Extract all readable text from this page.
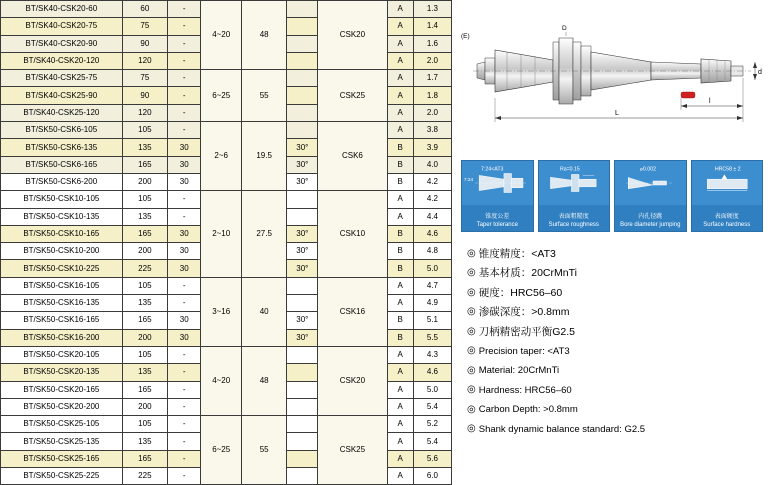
BT/SK40-CSK20-60	60	-	4~20	48		CSK20	A	1.3
BT/SK40-CSK20-75	75	-					A	1.4
BT/SK40-CSK20-90	90	-					A	1.6
BT/SK40-CSK20-120	120	-					A	2.0
BT/SK40-CSK25-75	75	-	6~25	55		CSK25	A	1.7
BT/SK40-CSK25-90	90	-					A	1.8
BT/SK40-CSK25-120	120	-					A	2.0
BT/SK50-CSK6-105	105	-	2~6	19.5		CSK6	A	3.8
BT/SK50-CSK6-135	135	30			30°		B	3.9
BT/SK50-CSK6-165	165	30			30°		B	4.0
BT/SK50-CSK6-200	200	30			30°		B	4.2
BT/SK50-CSK10-105	105	-	2~10	27.5		CSK10	A	4.2
BT/SK50-CSK10-135	135	-					A	4.4
BT/SK50-CSK10-165	165	30			30°		B	4.6
BT/SK50-CSK10-200	200	30			30°		B	4.8
BT/SK50-CSK10-225	225	30			30°		B	5.0
BT/SK50-CSK16-105	105	-	3~16	40		CSK16	A	4.7
BT/SK50-CSK16-135	135	-					A	4.9
BT/SK50-CSK16-165	165	30			30°		B	5.1
BT/SK50-CSK16-200	200	30			30°		B	5.5
BT/SK50-CSK20-105	105	-	4~20	48		CSK20	A	4.3
BT/SK50-CSK20-135	135	-					A	4.6
BT/SK50-CSK20-165	165	-					A	5.0
BT/SK50-CSK20-200	200	-					A	5.4
BT/SK50-CSK25-105	105	-	6~25	55		CSK25	A	5.2
BT/SK50-CSK25-135	135	-					A	5.4
BT/SK50-CSK25-165	165	-					A	5.6
BT/SK50-CSK25-225	225	-					A	6.0
L
l
d
D
(E)
7:24<AT3
7:24
锥度公差
Taper tolerance
Ra=0.15
表面粗糙度
Surface roughness
⌀0.002
内孔径跳
Bore diameter jumping
HRC58 ± 2
表面硬度
Surface hardness
◎ 锥度精度：<AT3
◎ 基本材质：20CrMnTi
◎ 硬度：HRC56–60
◎ 渗碳深度：>0.8mm
◎ 刀柄精密动平衡G2.5
◎ Precision taper: <AT3
◎ Material: 20CrMnTi
◎ Hardness: HRC56–60
◎ Carbon Depth: >0.8mm
◎ Shank dynamic balance standard: G2.5
